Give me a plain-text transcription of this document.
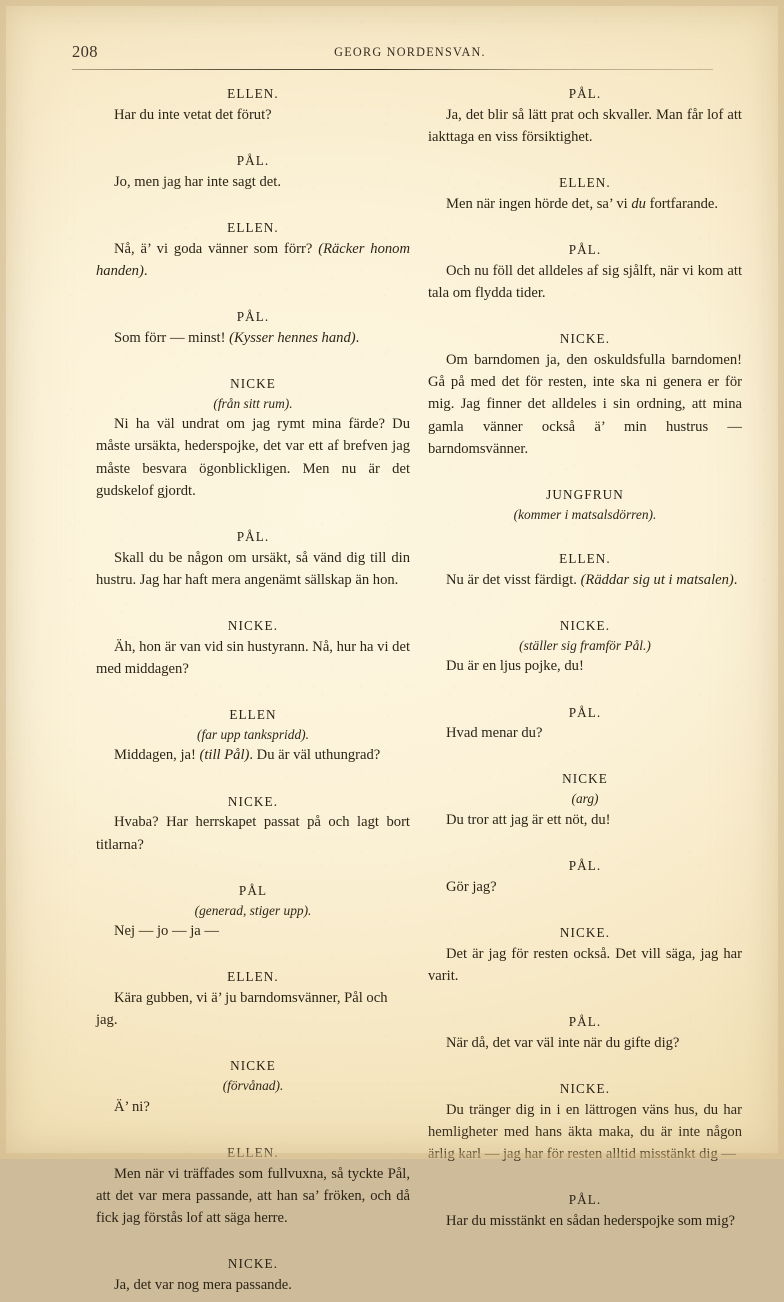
208	GEORG NORDENSVAN.

ELLEN.

Har du inte vetat det förut?

PÅL.

Jo, men jag har inte sagt det.

ELLEN.

Nå, ä’ vi goda vänner som förr? (Räcker honom handen).

PÅL.

Som förr — minst! (Kysser hennes hand).

NICKE

(från sitt rum).

Ni ha väl undrat om jag rymt mina färde? Du måste ursäkta, hederspojke, det var ett af brefven jag måste besvara ögonblickligen. Men nu är det gudskelof gjordt.

PÅL.

Skall du be någon om ursäkt, så vänd dig till din hustru. Jag har haft mera angenämt sällskap än hon.

NICKE.

Äh, hon är van vid sin hustyrann. Nå, hur ha vi det med middagen?

ELLEN

(far upp tankspridd).

Middagen, ja! (till Pål). Du är väl uthungrad?

NICKE.

Hvaba? Har herrskapet passat på och lagt bort titlarna?

PÅL

(generad, stiger upp).

Nej — jo — ja —

ELLEN.

Kära gubben, vi ä’ ju barndomsvänner, Pål och jag.

NICKE

(förvånad).

Ä’ ni?

ELLEN.

Men när vi träffades som fullvuxna, så tyckte Pål, att det var mera passande, att han sa’ fröken, och då fick jag förstås lof att säga herre.

NICKE.

Ja, det var nog mera passande.

PÅL.

Ja, det blir så lätt prat och skvaller. Man får lof att iakttaga en viss försiktighet.

ELLEN.

Men när ingen hörde det, sa’ vi du fortfarande.

PÅL.

Och nu föll det alldeles af sig sjålft, när vi kom att tala om flydda tider.

NICKE.

Om barndomen ja, den oskuldsfulla barndomen! Gå på med det för resten, inte ska ni genera er för mig. Jag finner det alldeles i sin ordning, att mina gamla vänner också ä’ min hustrus — barndomsvänner.

JUNGFRUN

(kommer i matsalsdörren).

ELLEN.

Nu är det visst färdigt. (Räddar sig ut i matsalen).

NICKE.

(ställer sig framför Pål.)

Du är en ljus pojke, du!

PÅL.

Hvad menar du?

NICKE

(arg)

Du tror att jag är ett nöt, du!

PÅL.

Gör jag?

NICKE.

Det är jag för resten också. Det vill säga, jag har varit.

PÅL.

När då, det var väl inte när du gifte dig?

NICKE.

Du tränger dig in i en lättrogen väns hus, du har hemligheter med hans äkta maka, du är inte någon ärlig karl — jag har för resten alltid misstänkt dig —

PÅL.

Har du misstänkt en sådan hederspojke som mig?
